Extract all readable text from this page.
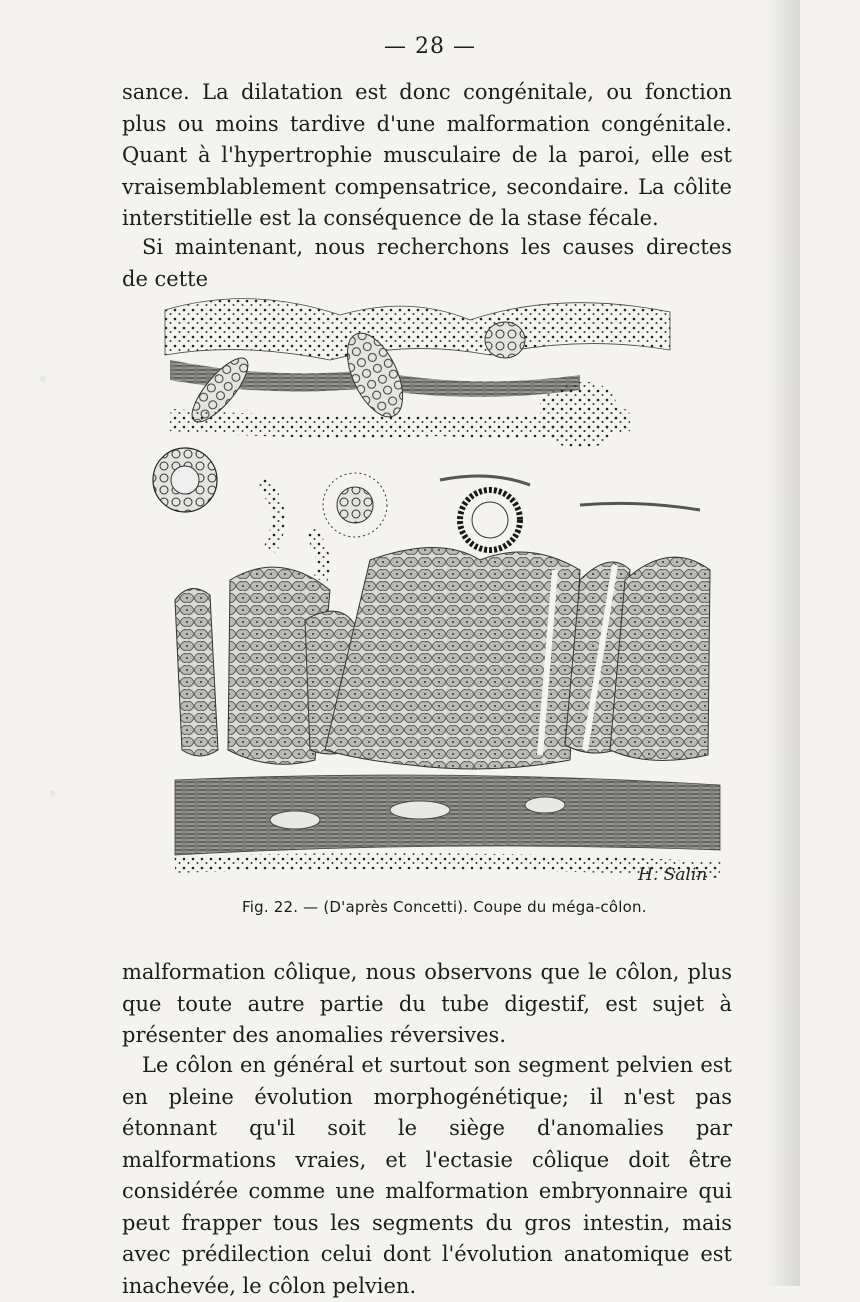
— 28 —

sance. La dilatation est donc congénitale, ou fonction plus ou moins tardive d'une malformation congénitale. Quant à l'hypertrophie musculaire de la paroi, elle est vraisemblablement compensatrice, secondaire. La côlite interstitielle est la conséquence de la stase fécale.

Si maintenant, nous recherchons les causes directes de cette

H. Salin
Fig. 22. — (D'après Concetti). Coupe du méga-côlon.

malformation côlique, nous observons que le côlon, plus que toute autre partie du tube digestif, est sujet à présenter des anomalies réversives.

Le côlon en général et surtout son segment pelvien est en pleine évolution morphogénétique; il n'est pas étonnant qu'il soit le siège d'anomalies par malformations vraies, et l'ectasie côlique doit être considérée comme une malformation embryonnaire qui peut frapper tous les segments du gros intestin, mais avec prédilection celui dont l'évolution anatomique est inachevée, le côlon pelvien.
